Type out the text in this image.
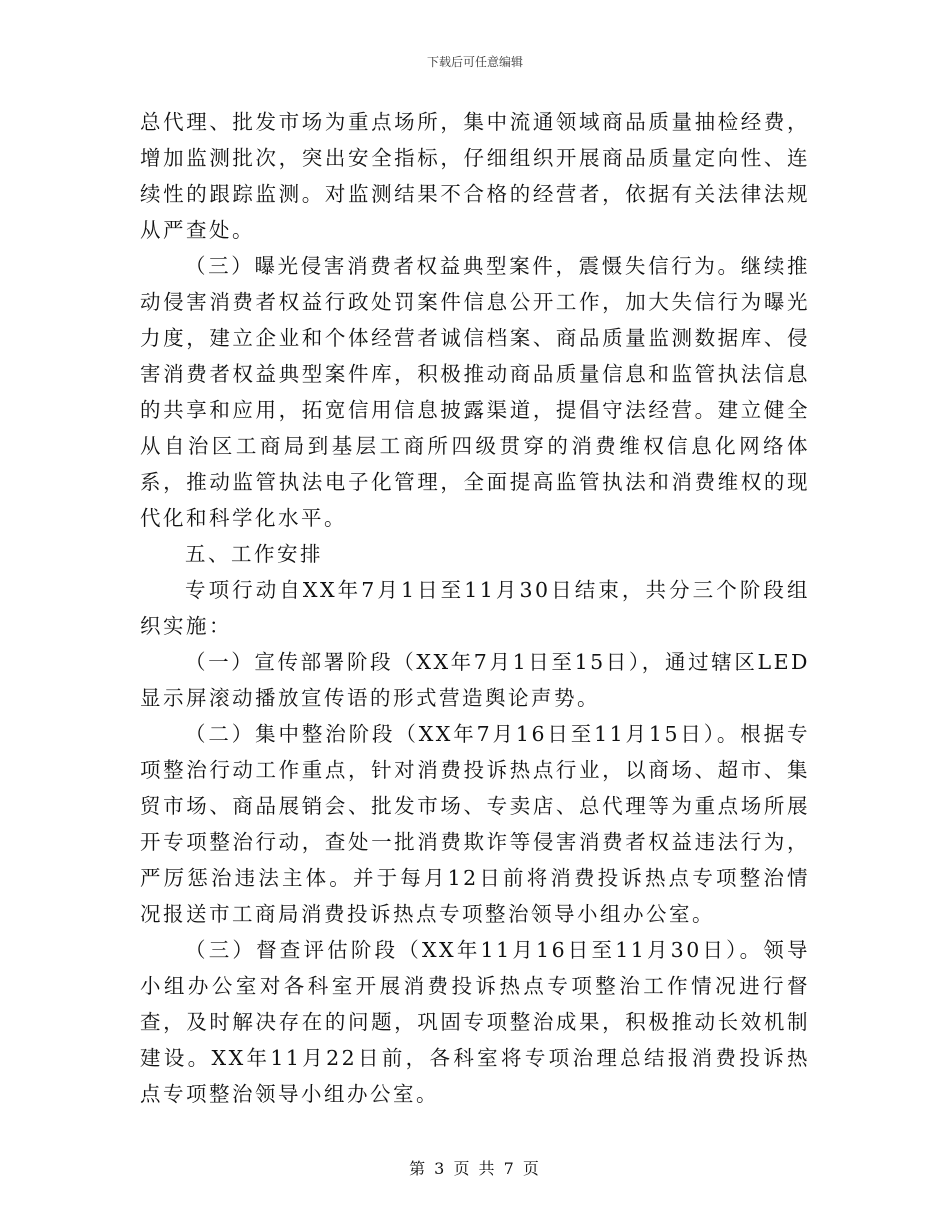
下载后可任意编辑

总代理、批发市场为重点场所，集中流通领域商品质量抽检经费，增加监测批次，突出安全指标，仔细组织开展商品质量定向性、连续性的跟踪监测。对监测结果不合格的经营者，依据有关法律法规从严查处。

（三）曝光侵害消费者权益典型案件，震慑失信行为。继续推动侵害消费者权益行政处罚案件信息公开工作，加大失信行为曝光力度，建立企业和个体经营者诚信档案、商品质量监测数据库、侵害消费者权益典型案件库，积极推动商品质量信息和监管执法信息的共享和应用，拓宽信用信息披露渠道，提倡守法经营。建立健全从自治区工商局到基层工商所四级贯穿的消费维权信息化网络体系，推动监管执法电子化管理，全面提高监管执法和消费维权的现代化和科学化水平。

五、工作安排

专项行动自XX年7月1日至11月30日结束，共分三个阶段组织实施：

（一）宣传部署阶段（XX年7月1日至15日），通过辖区LED显示屏滚动播放宣传语的形式营造舆论声势。

（二）集中整治阶段（XX年7月16日至11月15日）。根据专项整治行动工作重点，针对消费投诉热点行业，以商场、超市、集贸市场、商品展销会、批发市场、专卖店、总代理等为重点场所展开专项整治行动，查处一批消费欺诈等侵害消费者权益违法行为，严厉惩治违法主体。并于每月12日前将消费投诉热点专项整治情况报送市工商局消费投诉热点专项整治领导小组办公室。

（三）督查评估阶段（XX年11月16日至11月30日）。领导小组办公室对各科室开展消费投诉热点专项整治工作情况进行督查，及时解决存在的问题，巩固专项整治成果，积极推动长效机制建设。XX年11月22日前，各科室将专项治理总结报消费投诉热点专项整治领导小组办公室。

第 3 页 共 7 页
